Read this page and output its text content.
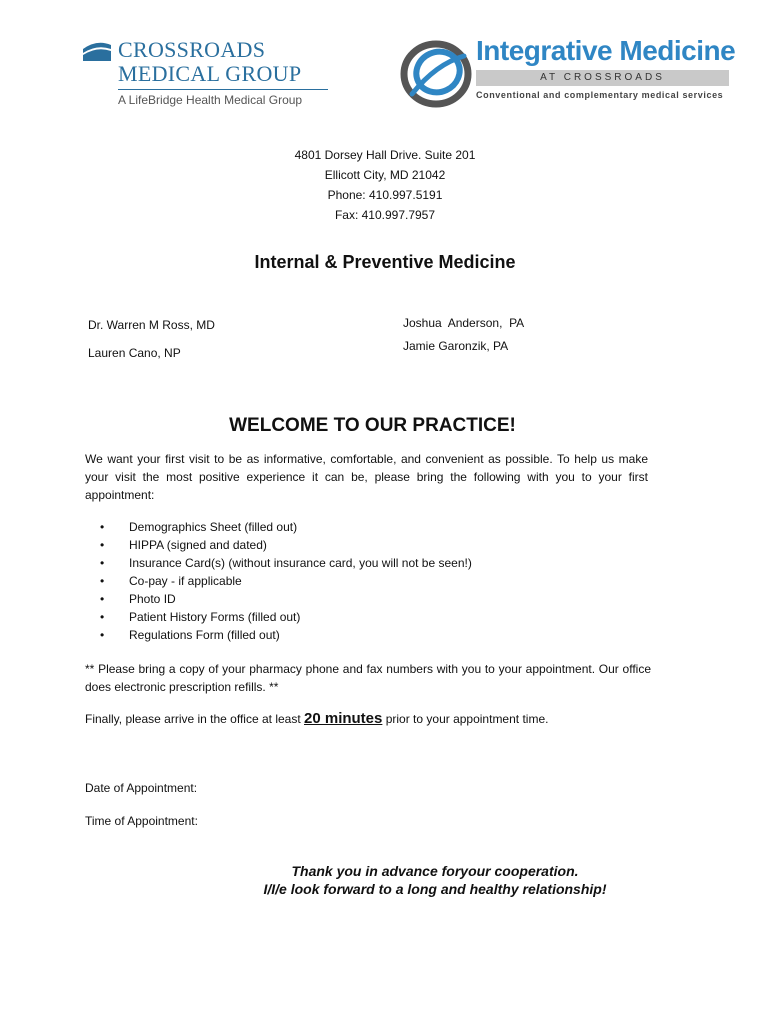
CROSSROADS
MEDICAL GROUP
A LifeBridge Health Medical Group
Integrative Medicine
AT CROSSROADS
Conventional and complementary medical services
4801 Dorsey Hall Drive. Suite 201
Ellicott City, MD 21042
Phone: 410.997.5191
Fax: 410.997.7957
Internal & Preventive Medicine
Dr. Warren M Ross, MD
Lauren Cano, NP
Joshua  Anderson,  PA
Jamie Garonzik, PA
WELCOME TO OUR PRACTICE!
We want your first visit to be as informative, comfortable, and convenient as possible. To help us make your visit the most positive experience it can be, please bring the following with you to your first appointment:
• Demographics Sheet (filled out)
• HIPPA (signed and dated)
• Insurance Card(s) (without insurance card, you will not be seen!)
• Co-pay - if applicable
• Photo ID
• Patient History Forms (filled out)
• Regulations Form (filled out)
** Please bring a copy of your pharmacy phone and fax numbers with you to your appointment. Our office does electronic prescription refills. **
Finally, please arrive in the office at least 20 minutes prior to your appointment time.
Date of Appointment:
Time of Appointment:
Thank you in advance foryour cooperation.
I/I/e look forward to a long and healthy relationship!
